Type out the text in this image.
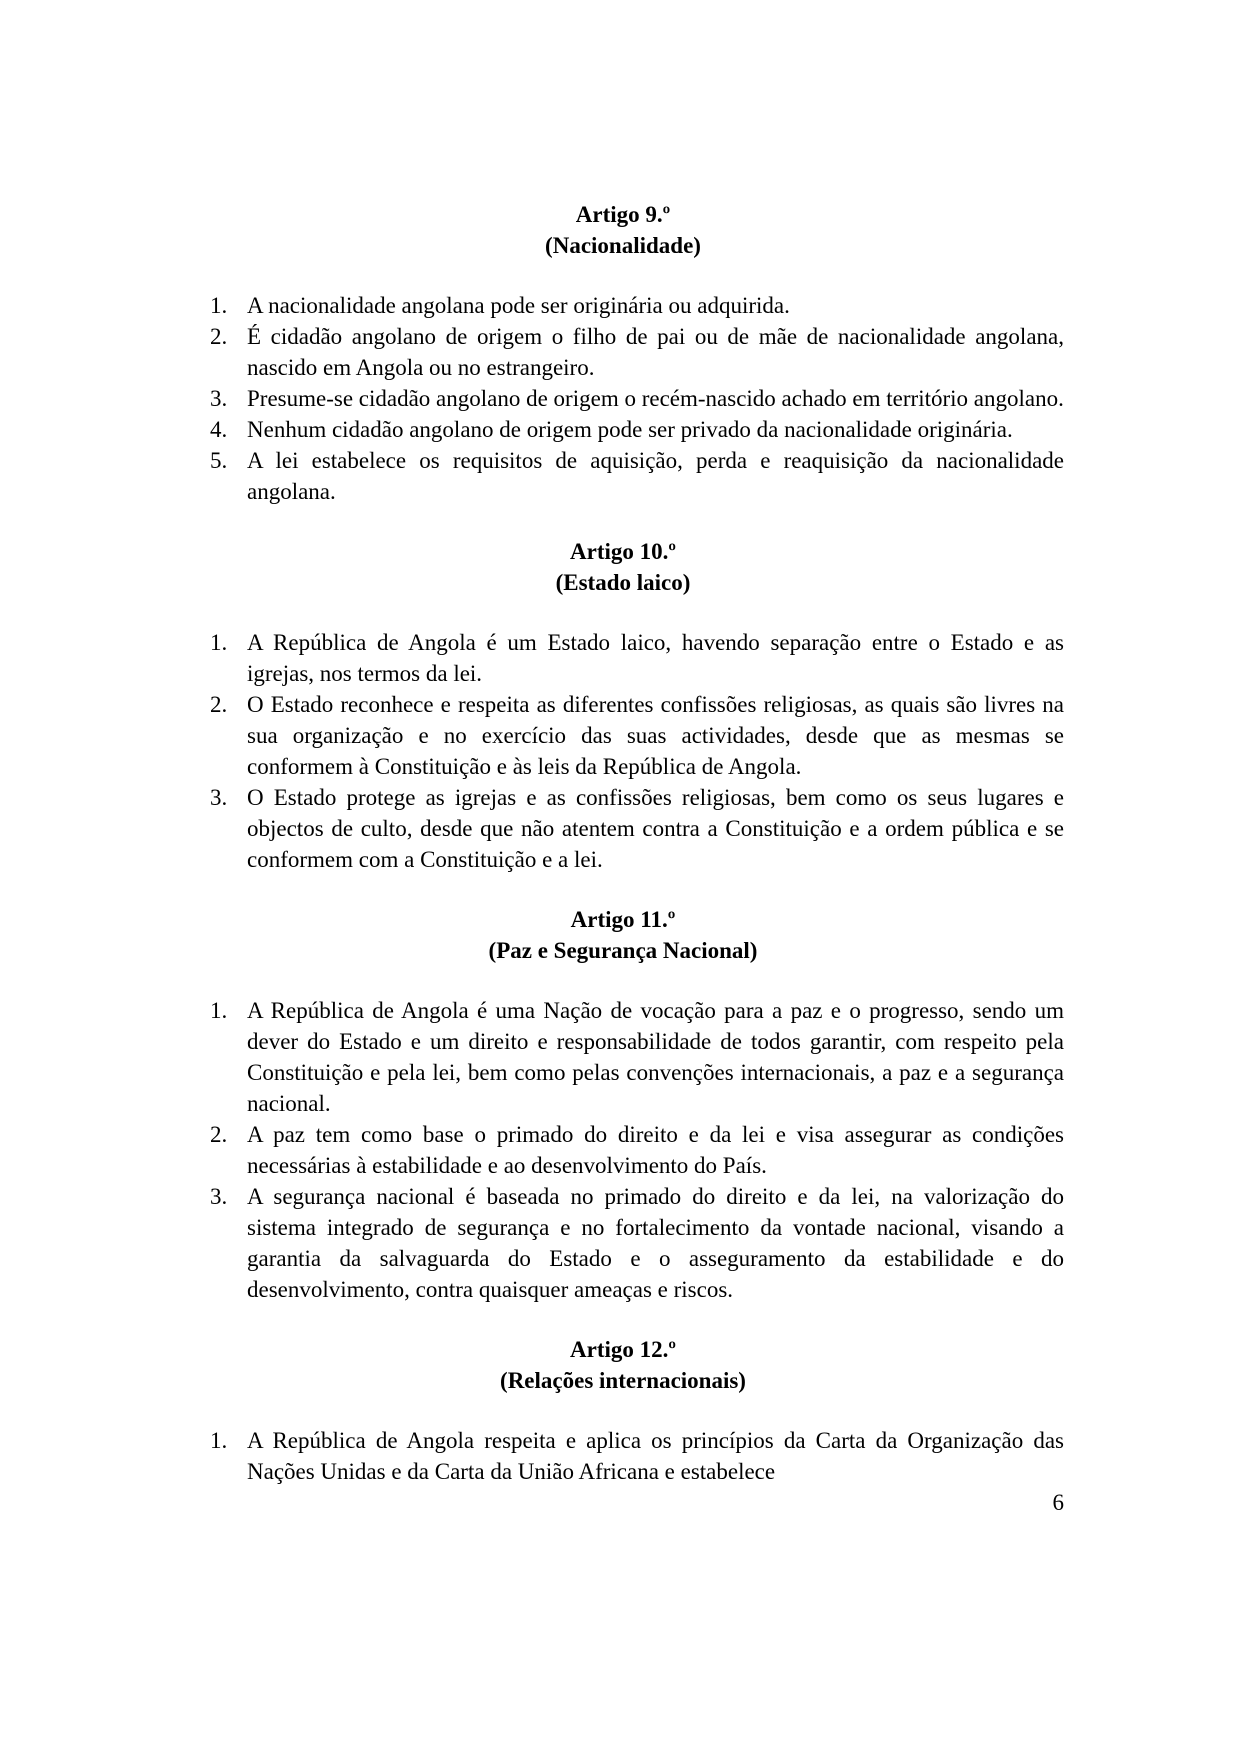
Artigo 9.º
(Nacionalidade)
1. A nacionalidade angolana pode ser originária ou adquirida.
2. É cidadão angolano de origem o filho de pai ou de mãe de nacionalidade angolana, nascido em Angola ou no estrangeiro.
3. Presume-se cidadão angolano de origem o recém-nascido achado em território angolano.
4. Nenhum cidadão angolano de origem pode ser privado da nacionalidade originária.
5. A lei estabelece os requisitos de aquisição, perda e reaquisição da nacionalidade angolana.
Artigo 10.º
(Estado laico)
1. A República de Angola é um Estado laico, havendo separação entre o Estado e as igrejas, nos termos da lei.
2. O Estado reconhece e respeita as diferentes confissões religiosas, as quais são livres na sua organização e no exercício das suas actividades, desde que as mesmas se conformem à Constituição e às leis da República de Angola.
3. O Estado protege as igrejas e as confissões religiosas, bem como os seus lugares e objectos de culto, desde que não atentem contra a Constituição e a ordem pública e se conformem com a Constituição e a lei.
Artigo 11.º
(Paz e Segurança Nacional)
1. A República de Angola é uma Nação de vocação para a paz e o progresso, sendo um dever do Estado e um direito e responsabilidade de todos garantir, com respeito pela Constituição e pela lei, bem como pelas convenções internacionais, a paz e a segurança nacional.
2. A paz tem como base o primado do direito e da lei e visa assegurar as condições necessárias à estabilidade e ao desenvolvimento do País.
3. A segurança nacional é baseada no primado do direito e da lei, na valorização do sistema integrado de segurança e no fortalecimento da vontade nacional, visando a garantia da salvaguarda do Estado e o asseguramento da estabilidade e do desenvolvimento, contra quaisquer ameaças e riscos.
Artigo 12.º
(Relações internacionais)
1. A República de Angola respeita e aplica os princípios da Carta da Organização das Nações Unidas e da Carta da União Africana e estabelece
6
